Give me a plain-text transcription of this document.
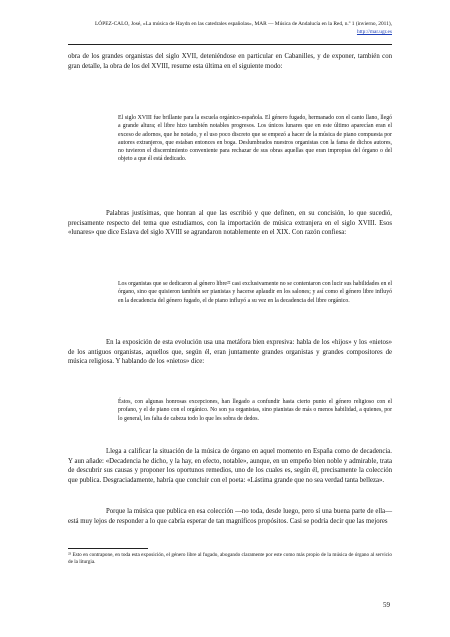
LÓPEZ-CALO, José, «La música de Haydn en las catedrales españolas», MAR — Música de Andalucía en la Red, n.º 1 (invierno, 2011), http://mar.ugr.es

obra de los grandes organistas del siglo XVII, deteniéndose en particular en Cabanilles, y de exponer, también con gran detalle, la obra de los del XVIII, resume esta última en el siguiente modo:

El siglo XVIII fue brillante para la escuela orgánico-española. El género fugado, hermanado con el canto llano, llegó a grande altura; el libre hizo también notables progresos. Los únicos lunares que en este último aparecían eran el exceso de adornos, que he notado, y el uso poco discreto que se empezó a hacer de la música de piano compuesta por autores extranjeros, que estaban entonces en boga. Deslumbrados nuestros organistas con la fama de dichos autores, no tuvieron el discernimiento conveniente para rechazar de sus obras aquellas que eran impropias del órgano o del objeto a que él está dedicado.

Palabras justísimas, que honran al que las escribió y que definen, en su concisión, lo que sucedió, precisamente respecto del tema que estudiamos, con la importación de música extranjera en el siglo XVIII. Esos «lunares» que dice Eslava del siglo XVIII se agrandaron notablemente en el XIX. Con razón confiesa:

Los organistas que se dedicaron al género libre²² casi exclusivamente no se contentaron con lucir sus habilidades en el órgano, sino que quisieron también ser pianistas y hacerse aplaudir en los salones; y así como el género libre influyó en la decadencia del género fugado, el de piano influyó a su vez en la decadencia del libre orgánico.

En la exposición de esta evolución usa una metáfora bien expresiva: habla de los «hijos» y los «nietos» de los antiguos organistas, aquellos que, según él, eran juntamente grandes organistas y grandes compositores de música religiosa. Y hablando de los «nietos» dice:

Éstos, con algunas honrosas excepciones, han llegado a confundir hasta cierto punto el género religioso con el profano, y el de piano con el orgánico. No son ya organistas, sino pianistas de más o menos habilidad, a quienes, por lo general, les falta de cabeza todo lo que les sobra de dedos.

Llega a calificar la situación de la música de órgano en aquel momento en España como de decadencia. Y aun añade: «Decadencia he dicho, y la hay, en efecto, notable», aunque, en un empeño bien noble y admirable, trata de descubrir sus causas y proponer los oportunos remedios, uno de los cuales es, según él, precisamente la colección que publica. Desgraciadamente, habría que concluir con el poeta: «Lástima grande que no sea verdad tanta belleza».

Porque la música que publica en esa colección —no toda, desde luego, pero sí una buena parte de ella— está muy lejos de responder a lo que cabría esperar de tan magníficos propósitos. Casi se podría decir que las mejores

²² Esto en contrapone, en toda esta exposición, el género libre al fugado, abogando claramente por este como más propio de la música de órgano al servicio de la liturgia.

59
